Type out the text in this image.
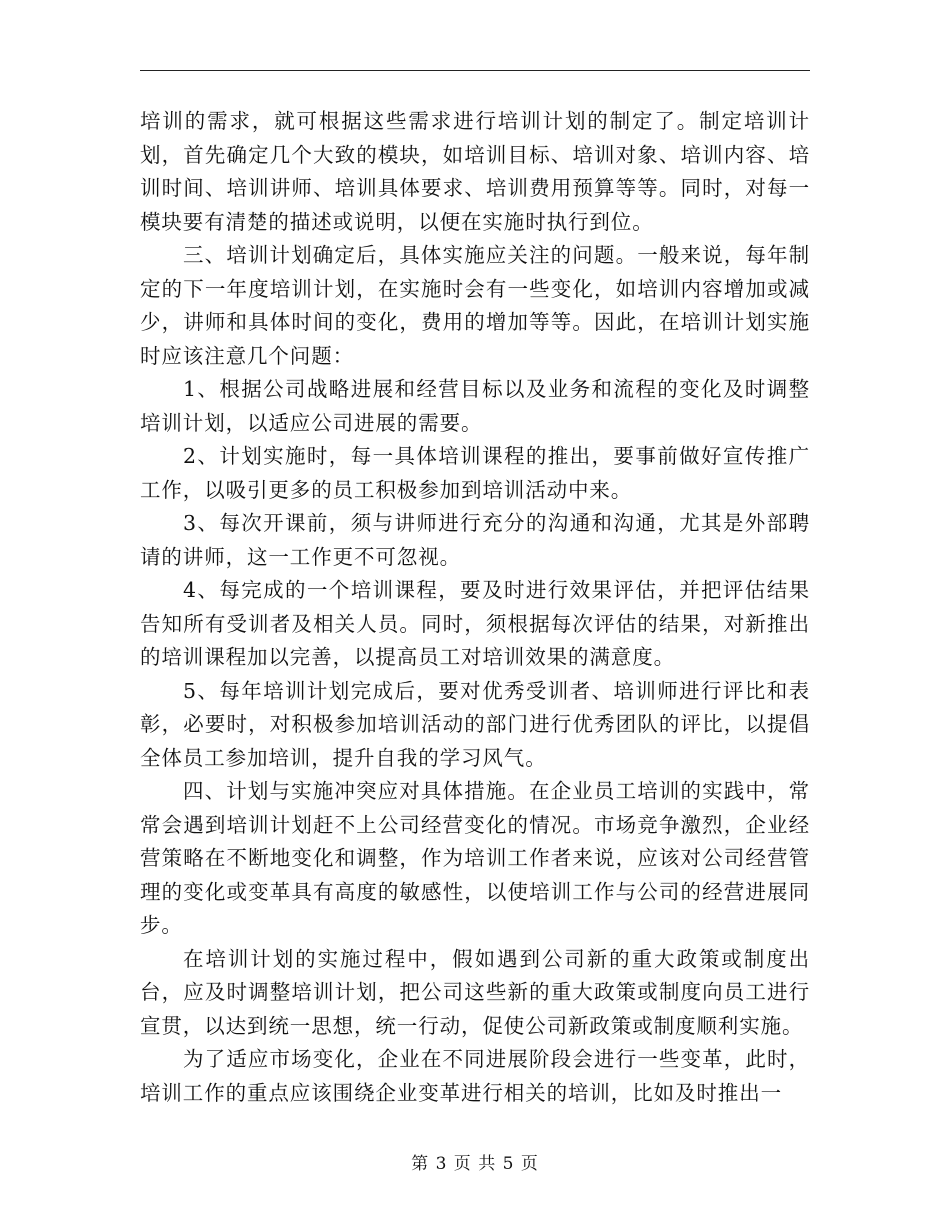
培训的需求，就可根据这些需求进行培训计划的制定了。制定培训计划，首先确定几个大致的模块，如培训目标、培训对象、培训内容、培训时间、培训讲师、培训具体要求、培训费用预算等等。同时，对每一模块要有清楚的描述或说明，以便在实施时执行到位。

三、培训计划确定后，具体实施应关注的问题。一般来说，每年制定的下一年度培训计划，在实施时会有一些变化，如培训内容增加或减少，讲师和具体时间的变化，费用的增加等等。因此，在培训计划实施时应该注意几个问题：

1、根据公司战略进展和经营目标以及业务和流程的变化及时调整培训计划，以适应公司进展的需要。

2、计划实施时，每一具体培训课程的推出，要事前做好宣传推广工作，以吸引更多的员工积极参加到培训活动中来。

3、每次开课前，须与讲师进行充分的沟通和沟通，尤其是外部聘请的讲师，这一工作更不可忽视。

4、每完成的一个培训课程，要及时进行效果评估，并把评估结果告知所有受训者及相关人员。同时，须根据每次评估的结果，对新推出的培训课程加以完善，以提高员工对培训效果的满意度。

5、每年培训计划完成后，要对优秀受训者、培训师进行评比和表彰，必要时，对积极参加培训活动的部门进行优秀团队的评比，以提倡全体员工参加培训，提升自我的学习风气。

四、计划与实施冲突应对具体措施。在企业员工培训的实践中，常常会遇到培训计划赶不上公司经营变化的情况。市场竞争激烈，企业经营策略在不断地变化和调整，作为培训工作者来说，应该对公司经营管理的变化或变革具有高度的敏感性，以使培训工作与公司的经营进展同步。

在培训计划的实施过程中，假如遇到公司新的重大政策或制度出台，应及时调整培训计划，把公司这些新的重大政策或制度向员工进行宣贯，以达到统一思想，统一行动，促使公司新政策或制度顺利实施。

为了适应市场变化，企业在不同进展阶段会进行一些变革，此时，培训工作的重点应该围绕企业变革进行相关的培训，比如及时推出一

第 3 页 共 5 页
